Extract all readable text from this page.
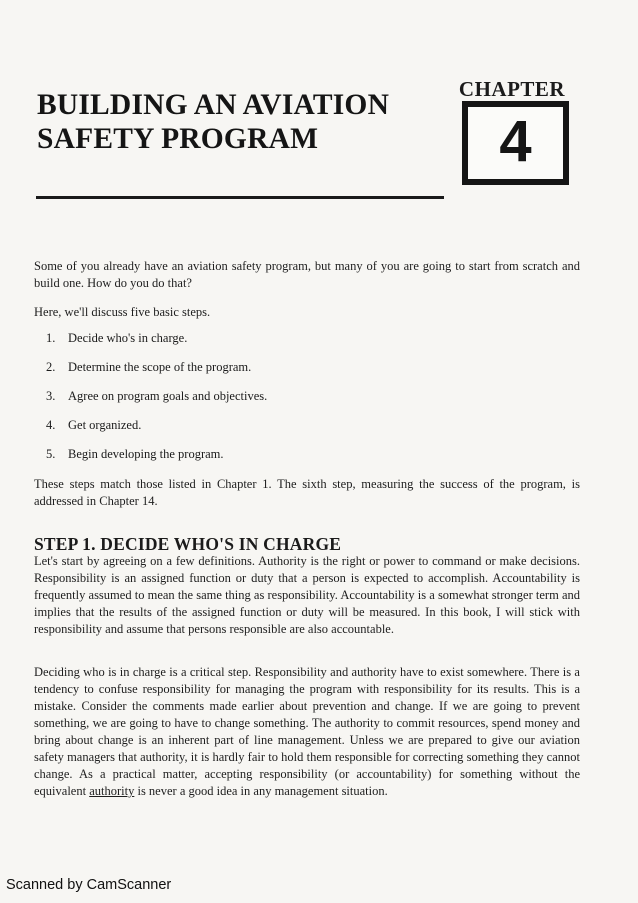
BUILDING AN AVIATION
SAFETY PROGRAM
CHAPTER
4
Some of you already have an aviation safety program, but many of you are going to start from scratch and build one. How do you do that?
Here, we'll discuss five basic steps.
1.	Decide who's in charge.
2.	Determine the scope of the program.
3.	Agree on program goals and objectives.
4.	Get organized.
5.	Begin developing the program.
These steps match those listed in Chapter 1. The sixth step, measuring the success of the program, is addressed in Chapter 14.
STEP 1. DECIDE WHO'S IN CHARGE
Let's start by agreeing on a few definitions. Authority is the right or power to command or make decisions. Responsibility is an assigned function or duty that a person is expected to accomplish. Accountability is frequently assumed to mean the same thing as responsibility. Accountability is a somewhat stronger term and implies that the results of the assigned function or duty will be measured. In this book, I will stick with responsibility and assume that persons responsible are also accountable.
Deciding who is in charge is a critical step. Responsibility and authority have to exist somewhere. There is a tendency to confuse responsibility for managing the program with responsibility for its results. This is a mistake. Consider the comments made earlier about prevention and change. If we are going to prevent something, we are going to have to change something. The authority to commit resources, spend money and bring about change is an inherent part of line management. Unless we are prepared to give our aviation safety managers that authority, it is hardly fair to hold them responsible for correcting something they cannot change. As a practical matter, accepting responsibility (or accountability) for something without the equivalent authority is never a good idea in any management situation.
Scanned by CamScanner
